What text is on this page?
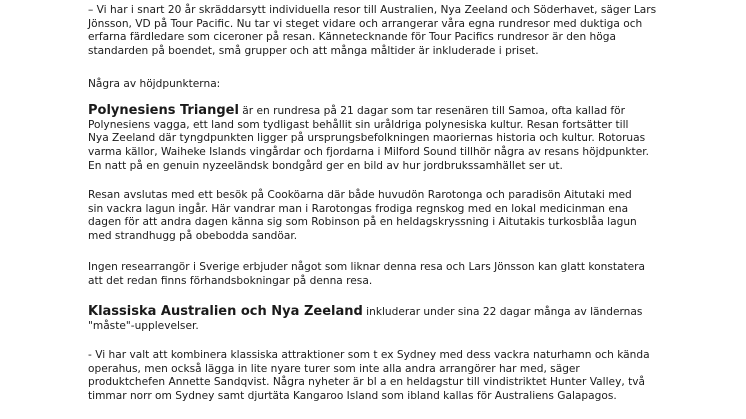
– Vi har i snart 20 år skräddarsytt individuella resor till Australien, Nya Zeeland och Söderhavet, säger Lars Jönsson, VD på Tour Pacific. Nu tar vi steget vidare och arrangerar våra egna rundresor med duktiga och erfarna färdledare som ciceroner på resan. Kännetecknande för Tour Pacifics rundresor är den höga standarden på boendet, små grupper och att många måltider är inkluderade i priset.

Några av höjdpunkterna:

Polynesiens Triangel är en rundresa på 21 dagar som tar resenären till Samoa, ofta kallad för Polynesiens vagga, ett land som tydligast behållit sin uråldriga polynesiska kultur. Resan fortsätter till Nya Zeeland där tyngdpunkten ligger på ursprungsbefolkningen maoriernas historia och kultur. Rotoruas varma källor, Waiheke Islands vingårdar och fjordarna i Milford Sound tillhör några av resans höjdpunkter. En natt på en genuin nyzeeländsk bondgård ger en bild av hur jordbrukssamhället ser ut.

Resan avslutas med ett besök på Cooköarna där både huvudön Rarotonga och paradisön Aitutaki med sin vackra lagun ingår. Här vandrar man i Rarotongas frodiga regnskog med en lokal medicinman ena dagen för att andra dagen känna sig som Robinson på en heldagskryssning i Aitutakis turkosblåa lagun med strandhugg på obebodda sandöar.

Ingen researrangör i Sverige erbjuder något som liknar denna resa och Lars Jönsson kan glatt konstatera att det redan finns förhandsbokningar på denna resa.

Klassiska Australien och Nya Zeeland inkluderar under sina 22 dagar många av ländernas "måste"-upplevelser.

- Vi har valt att kombinera klassiska attraktioner som t ex Sydney med dess vackra naturhamn och kända operahus, men också lägga in lite nyare turer som inte alla andra arrangörer har med, säger produktchefen Annette Sandqvist. Några nyheter är bl a en heldagstur till vindistriktet Hunter Valley, två timmar norr om Sydney samt djurtäta Kangaroo Island som ibland kallas för Australiens Galapagos.
